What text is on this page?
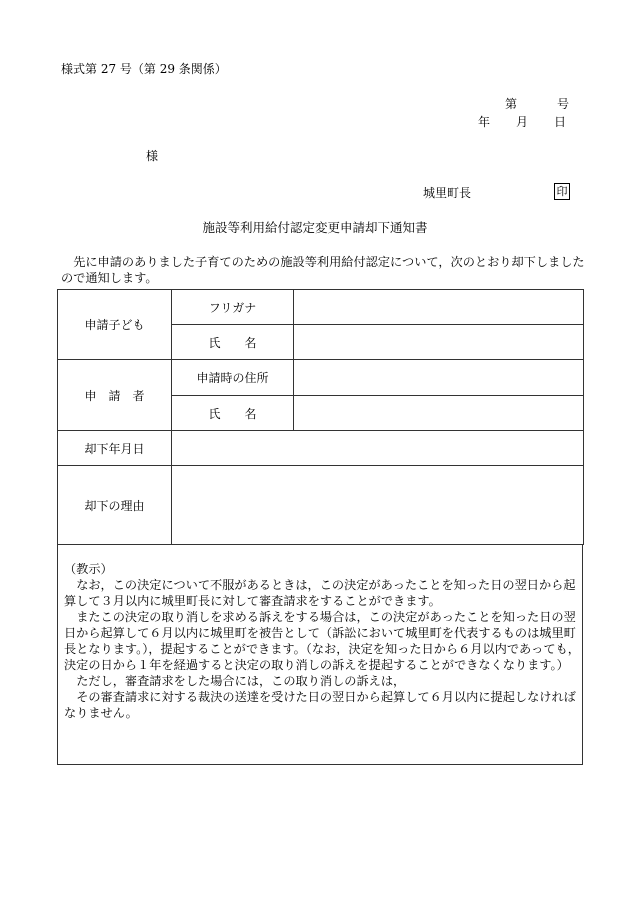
様式第 27 号（第 29 条関係）
第	号
年 月 日
様
城里町長	印
施設等利用給付認定変更申請却下通知書
先に申請のありました子育てのための施設等利用給付認定について，次のとおり却下しましたので通知します。
申請子ども	フリガナ	
	氏　　名	
申　請　者	申請時の住所	
	氏　　名	
却下年月日		
却下の理由		

（教示）

なお，この決定について不服があるときは，この決定があったことを知った日の翌日から起算して３月以内に城里町長に対して審査請求をすることができます。

またこの決定の取り消しを求める訴えをする場合は，この決定があったことを知った日の翌日から起算して６月以内に城里町を被告として（訴訟において城里町を代表するものは城里町長となります。），提起することができます。（なお，決定を知った日から６月以内であっても，決定の日から１年を経過すると決定の取り消しの訴えを提起することができなくなります。）

ただし，審査請求をした場合には，この取り消しの訴えは，

その審査請求に対する裁決の送達を受けた日の翌日から起算して６月以内に提起しなければなりません。
